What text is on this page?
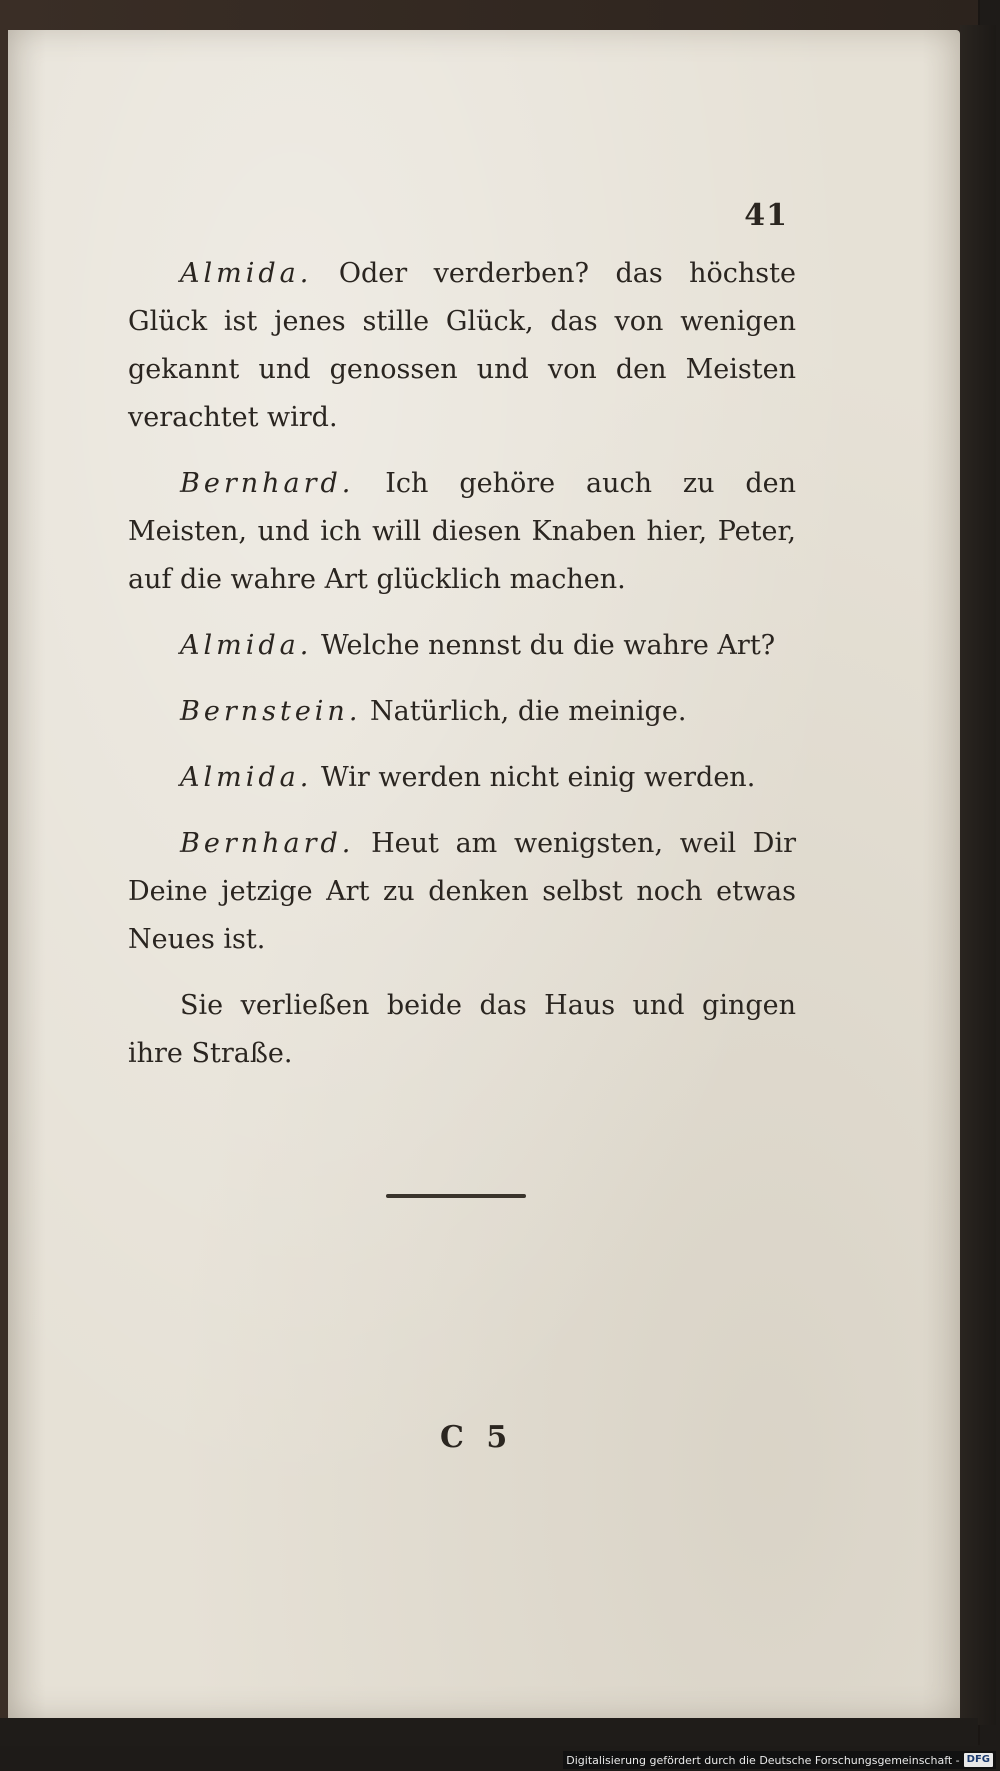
41

Almida. Oder verderben? das höchste Glück ist jenes stille Glück, das von wenigen gekannt und genossen und von den Meisten verachtet wird.

Bernhard. Ich gehöre auch zu den Meisten, und ich will diesen Knaben hier, Peter, auf die wahre Art glücklich machen.

Almida. Welche nennst du die wahre Art?

Bernstein. Natürlich, die meinige.

Almida. Wir werden nicht einig werden.

Bernhard. Heut am wenigsten, weil Dir Deine jetzige Art zu denken selbst noch etwas Neues ist.

Sie verließen beide das Haus und gingen ihre Straße.

C 5
Digitalisierung gefördert durch die Deutsche Forschungsgemeinschaft - DFG
